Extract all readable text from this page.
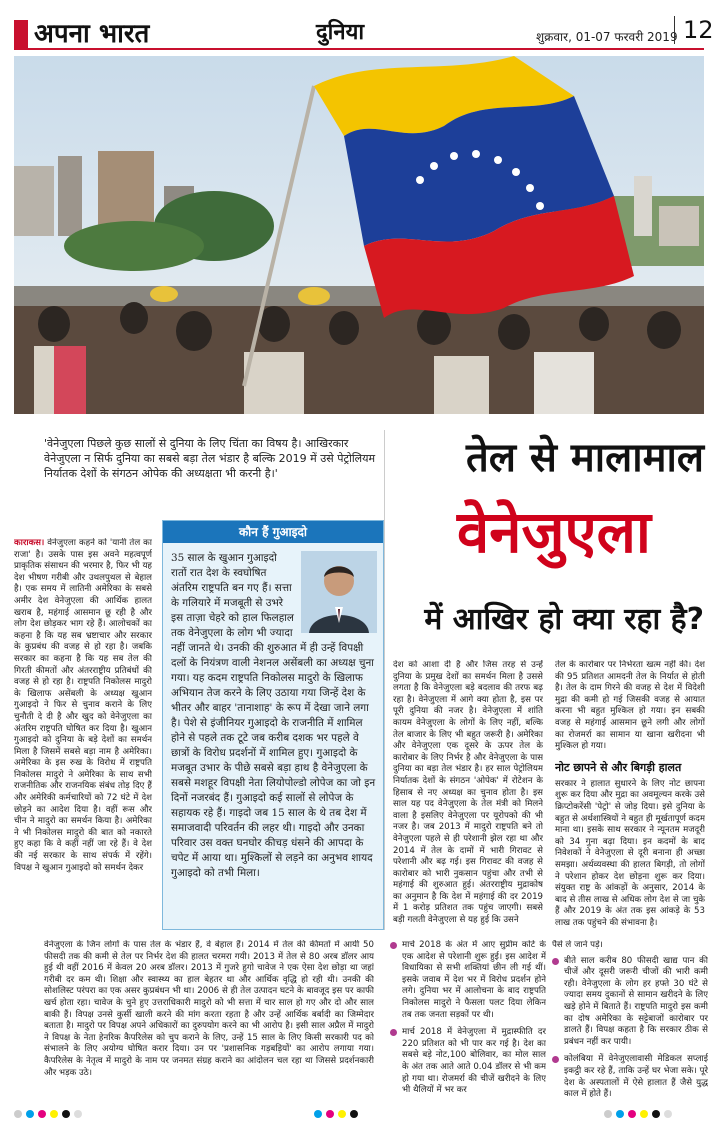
अपना भारत	दुनिया	शुक्रवार, 01-07 फरवरी 2019 12
'वेनेजुएला पिछले कुछ सालों से दुनिया के लिए चिंता का विषय है। आखिरकार वेनेजुएला न सिर्फ दुनिया का सबसे बड़ा तेल भंडार है बल्कि 2019 में उसे पेट्रोलियम निर्यातक देशों के संगठन ओपेक की अध्यक्षता भी करनी है।'	तेल से मालामाल
वेनेजुएला
में आखिर हो क्या रहा है?
काराकस। वेनेजुएला कहने को 'यानी तेल का राजा' है। उसके पास इस अवने महत्वपूर्ण प्राकृतिक संसाधन की भरमार है, फिर भी यह देश भीषण गरीबी और उथलपुथल से बेहाल है। एक समय में लातिनी अमेरिका के सबसे अमीर देश वेनेजुएला की आर्थिक हालत खराब है, महंगाई आसमान छू रही है और लोग देश छोड़कर भाग रहे हैं। आलोचकों का कहना है कि यह सब भ्रष्टाचार और सरकार के कुप्रबंध की वजह से हो रहा है। जबकि सरकार का कहना है कि यह सब तेल की गिरती कीमतों और अंतरराष्ट्रीय प्रतिबंधों की वजह से हो रहा है। राष्ट्रपति निकोलस मादुरो के खिलाफ असेंबली के अध्यक्ष खुआन गुआइदो ने फिर से चुनाव कराने के लिए चुनौती दे दी है और खुद को वेनेजुएला का अंतरिम राष्ट्रपति घोषित कर दिया है। खुआन गुआइदो को दुनिया के बड़े देशों का समर्थन मिला है जिसमें सबसे बड़ा नाम है अमेरिका। अमेरिका के इस रुख के विरोध में राष्ट्रपति निकोलस मादुरो ने अमेरिका के साथ सभी राजनीतिक और राजनयिक संबंध तोड़ दिए हैं और अमेरिकी कर्मचारियों को 72 घंटे में देश छोड़ने का आदेश दिया है। वहीं रूस और चीन ने मादुरो का समर्थन किया है। अमेरिका ने भी निकोलस मादुरो की बात को नकारते हुए कहा कि वे कहीं नहीं जा रहे हैं। वे देश की नई सरकार के साथ संपर्क में रहेंगे। विपक्ष ने खुआन गुआइदो को समर्थन देकर
कौन हैं गुआइदो
35 साल के खुआन गुआइदो रातों रात देश के स्वघोषित अंतरिम राष्ट्रपति बन गए हैं। सत्ता के गलियारे में मजबूती से उभरे इस ताज़ा चेहरे को हाल फिलहाल तक वेनेजुएला के लोग भी ज्यादा नहीं जानते थे। उनकी की शुरुआत में ही उन्हें विपक्षी दलों के नियंत्रण वाली नेशनल असेंबली का अध्यक्ष चुना गया। यह कदम राष्ट्रपति निकोलस मादुरो के खिलाफ अभियान तेज करने के लिए उठाया गया जिन्हें देश के भीतर और बाहर 'तानाशाह' के रूप में देखा जाने लगा है। पेशे से इंजीनियर गुआइदो के राजनीति में शामिल होने से पहले तक टूटे जब करीब दशक भर पहले वे छात्रों के विरोध प्रदर्शनों में शामिल हुए। गुआइदो के मजबूत उभार के पीछे सबसे बड़ा हाथ है वेनेजुएला के सबसे मशहूर विपक्षी नेता लियोपोल्डो लोपेज का जो इन दिनों नजरबंद हैं। गुआइदो कई सालों से लोपेज के सहायक रहे हैं। गाइदो जब 15 साल के थे तब देश में समाजवादी परिवर्तन की लहर थी। गाइदो और उनका परिवार उस वक्त घनघोर कीचड़ धंसने की आपदा के चपेट में आया था। मुश्किलों से लड़ने का अनुभव शायद गुआइदो को तभी मिला।
देश को आशा दी है और जिस तरह से उन्हें दुनिया के प्रमुख देशों का समर्थन मिला है उससे लगता है कि वेनेजुएला बड़े बदलाव की तरफ बढ़ रहा है। वेनेजुएला में आगे क्या होता है, इस पर पूरी दुनिया की नजर है। वेनेजुएला में शांति कायम वेनेजुएला के लोगों के लिए नहीं, बल्कि तेल बाजार के लिए भी बहुत जरूरी है। अमेरिका और वेनेजुएला एक दूसरे के ऊपर तेल के कारोबार के लिए निर्भर है और वेनेजुएला के पास दुनिया का बड़ा तेल भंडार है। हर साल पेट्रोलियम निर्यातक देशों के संगठन 'ओपेक' में रोटेशन के हिसाब से नए अध्यक्ष का चुनाव होता है। इस साल यह पद वेनेजुएला के तेल मंत्री को मिलने वाला है इसलिए वेनेजुएला पर यूरोपको की भी नजर है। जब 2013 में मादुरो राष्ट्रपति बने तो वेनेजुएला पहले से ही परेशानी झेल रहा था और 2014 में तेल के दामों में भारी गिरावट से परेशानी और बढ़ गई। इस गिरावट की वजह से कारोबार को भारी नुकसान पहुंचा और तभी से महंगाई की शुरुआत हुई। अंतरराष्ट्रीय मुद्राकोष का अनुमान है कि देश में महंगाई की दर 2019 में 1 करोड़ प्रतिशत तक पहुंच जाएगी। सबसे बड़ी गलती वेनेजुएला से यह हुई कि उसने
तेल के कारोबार पर निर्भरता खत्म नहीं की। देश की 95 प्रतिशत आमदनी तेल के निर्यात से होती है। तेल के दाम गिरने की वजह से देश में विदेशी मुद्रा की कमी हो गई जिसकी वजह से आयात करना भी बहुत मुश्किल हो गया। इन सबकी वजह से महंगाई आसमान छूने लगी और लोगों का रोजमर्रा का सामान या खाना खरीदना भी मुश्किल हो गया।
नोट छापने से और बिगड़ी हालत
सरकार ने हालात सुधारने के लिए नोट छापना शुरू कर दिया और मुद्रा का अवमूल्यन करके उसे क्रिप्टोकरेंसी 'पेट्रो' से जोड़ दिया। इसे दुनिया के बहुत से अर्थशास्त्रियों ने बहुत ही मूर्खतापूर्ण कदम माना था। इसके साथ सरकार ने न्यूनतम मजदूरी को 34 गुना बढ़ा दिया। इन कदमों के बाद निवेशकों ने वेनेजुएला से दूरी बनाना ही अच्छा समझा। अर्थव्यवस्था की हालत बिगड़ी, तो लोगों ने परेशान होकर देश छोड़ना शुरू कर दिया। संयुक्त राष्ट्र के आंकड़ों के अनुसार, 2014 के बाद से तीस लाख से अधिक लोग देश से जा चुके हैं और 2019 के अंत तक इस आंकड़े के 53 लाख तक पहुंचने की संभावना है।
वेनेजुएला के जिन लोगों के पास तेल के भंडार हैं, वे बेहाल हैं। 2014 में तेल की कीमतों में आयी 50 फीसदी तक की कमी से तेल पर निर्भर देश की हालत चरमरा गयी। 2013 में तेल से 80 अरब डॉलर आय हुई थी वहीं 2016 में केवल 20 अरब डॉलर। 2013 में गुजरे हुगो चावेज ने एक ऐसा देश छोड़ा था जहां गरीबी दर कम थी। शिक्षा और स्वास्थ्य का हाल बेहतर था और आर्थिक वृद्धि हो रही थी। उनकी की सोशलिस्ट परंपरा का एक असर कुप्रबंधन भी था। 2006 से ही तेल उत्पादन घटने के बावजूद इस पर काफी खर्च होता रहा। चावेज के चुने हुए उत्तराधिकारी मादुरो को भी सत्ता में चार साल हो गए और दो और साल बाकी हैं। विपक्ष उनसे कुर्सी खाली करने की मांग करता रहता है और उन्हें आर्थिक बर्बादी का जिम्मेदार बताता है। मादुरो पर विपक्ष अपने अधिकारों का दुरुपयोग करने का भी आरोप है। इसी साल अप्रैल में मादुरो ने विपक्ष के नेता हेनरिक कैपरिलेस को चुप कराने के लिए, उन्हें 15 साल के लिए किसी सरकारी पद को संभालने के लिए अयोग्य घोषित करार दिया। उन पर 'प्रशासनिक गड़बड़ियों' का आरोप लगाया गया। कैपरिलेस के नेतृत्व में मादुरो के नाम पर जनमत संग्रह कराने का आंदोलन चल रहा था जिससे प्रदर्शनकारी और भड़क उठे।
मार्च 2018 के अंत में आए सुप्रीम कोर्ट के एक आदेश से परेशानी शुरू हुई। इस आदेश में विधायिका से सभी शक्तियां छीन ली गई थीं। इसके जवाब में देश भर में विरोध प्रदर्शन होने लगे। दुनिया भर में आलोचना के बाद राष्ट्रपति निकोलस मादुरो ने फैसला पलट दिया लेकिन तब तक जनता सड़कों पर थी।
मार्च 2018 में वेनेजुएला में मुद्रास्फीति दर 220 प्रतिशत को भी पार कर गई है। देश का सबसे बड़े नोट,100 बोलिवार, का मोल साल के अंत तक आते आते 0.04 डॉलर से भी कम हो गया था। रोजमर्रा की चीजें खरीदने के लिए भी थैलियों में भर कर
पैसे ले जाने पड़े।
बीते साल करीब 80 फीसदी खाद्य पान की चीजें और दूसरी जरूरी चीजों की भारी कमी रही। वेनेजुएला के लोग हर हफ्ते 30 घंटे से ज्यादा समय दुकानों से सामान खरीदने के लिए खड़े होने में बिताते हैं। राष्ट्रपति मादुरो इस कमी का दोष अमेरिका के सट्टेबाजों कारोबार पर डालते हैं। विपक्ष कहता है कि सरकार ठीक से प्रबंधन नहीं कर पायी।
कोलंबिया में वेनेजुएलावासी मेडिकल सप्लाई इकट्ठी कर रहे हैं, ताकि उन्हें घर भेजा सके। पूरे देश के अस्पतालों में ऐसे हालात हैं जैसे युद्ध काल में होते हैं।
